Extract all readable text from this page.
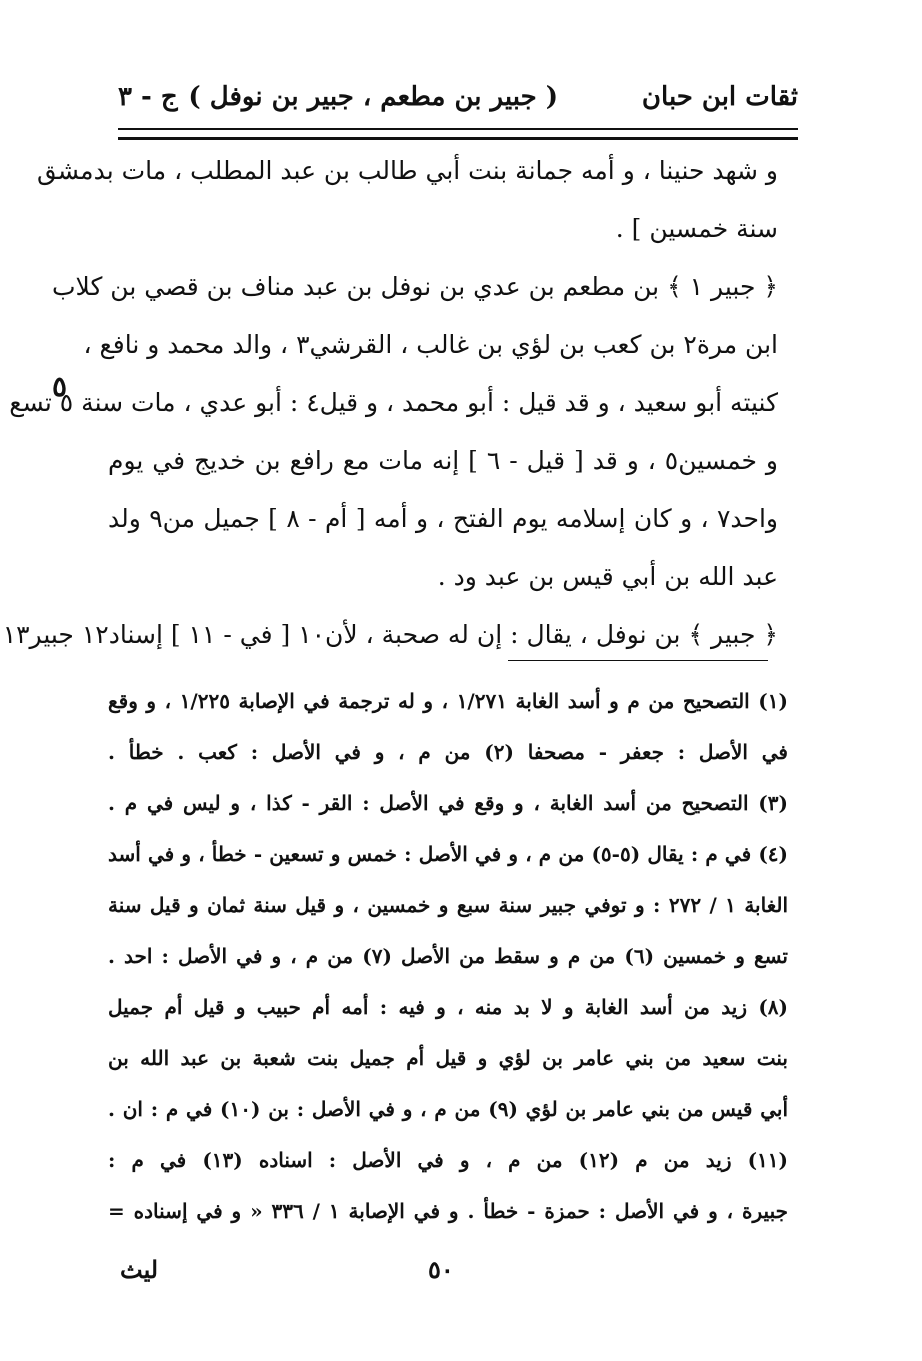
ثقات ابن حبان
( جبير بن مطعم ، جبير بن نوفل )
ج - ٣
و شهد حنينا ، و أمه جمانة بنت أبي طالب بن عبد المطلب ، مات بدمشق
سنة خمسين ] .
﴿ جبير ١ ﴾ بن مطعم بن عدي بن نوفل بن عبد مناف بن قصي بن كلاب
ابن مرة٢ بن كعب بن لؤي بن غالب ، القرشي٣ ، والد محمد و نافع ،
كنيته أبو سعيد ، و قد قيل : أبو محمد ، و قيل٤ : أبو عدي ، مات سنة ٥ تسع
و خمسين٥ ، و قد [ قيل - ٦ ] إنه مات مع رافع بن خديج في يوم
واحد٧ ، و كان إسلامه يوم الفتح ، و أمه [ أم - ٨ ] جميل من٩ ولد
عبد الله بن أبي قيس بن عبد ود .
﴿ جبير ﴾ بن نوفل ، يقال : إن له صحبة ، لأن١٠ [ في - ١١ ] إسناد١٢ جبير١٣
٥
(١) التصحيح من م و أسد الغابة ١/٢٧١ ، و له ترجمة في الإصابة ١/٢٢٥ ، و وقع
في الأصل : جعفر - مصحفا (٢) من م ، و في الأصل : كعب . خطأ .
(٣) التصحيح من أسد الغابة ، و وقع في الأصل : القر - كذا ، و ليس في م .
(٤) في م : يقال (٥-٥) من م ، و في الأصل : خمس و تسعين - خطأ ، و في أسد
الغابة ١ / ٢٧٢ : و توفي جبير سنة سبع و خمسين ، و قيل سنة ثمان و قيل سنة
تسع و خمسين (٦) من م و سقط من الأصل (٧) من م ، و في الأصل : احد .
(٨) زيد من أسد الغابة و لا بد منه ، و فيه : أمه أم حبيب و قيل أم جميل
بنت سعيد من بني عامر بن لؤي و قيل أم جميل بنت شعبة بن عبد الله بن
أبي قيس من بني عامر بن لؤي (٩) من م ، و في الأصل : بن (١٠) في م : ان .
(١١) زيد من م (١٢) من م ، و في الأصل : اسناده (١٣) في م :
جبيرة ، و في الأصل : حمزة - خطأ . و في الإصابة ١ / ٣٣٦ « و في إسناده =
٥٠
ليث
